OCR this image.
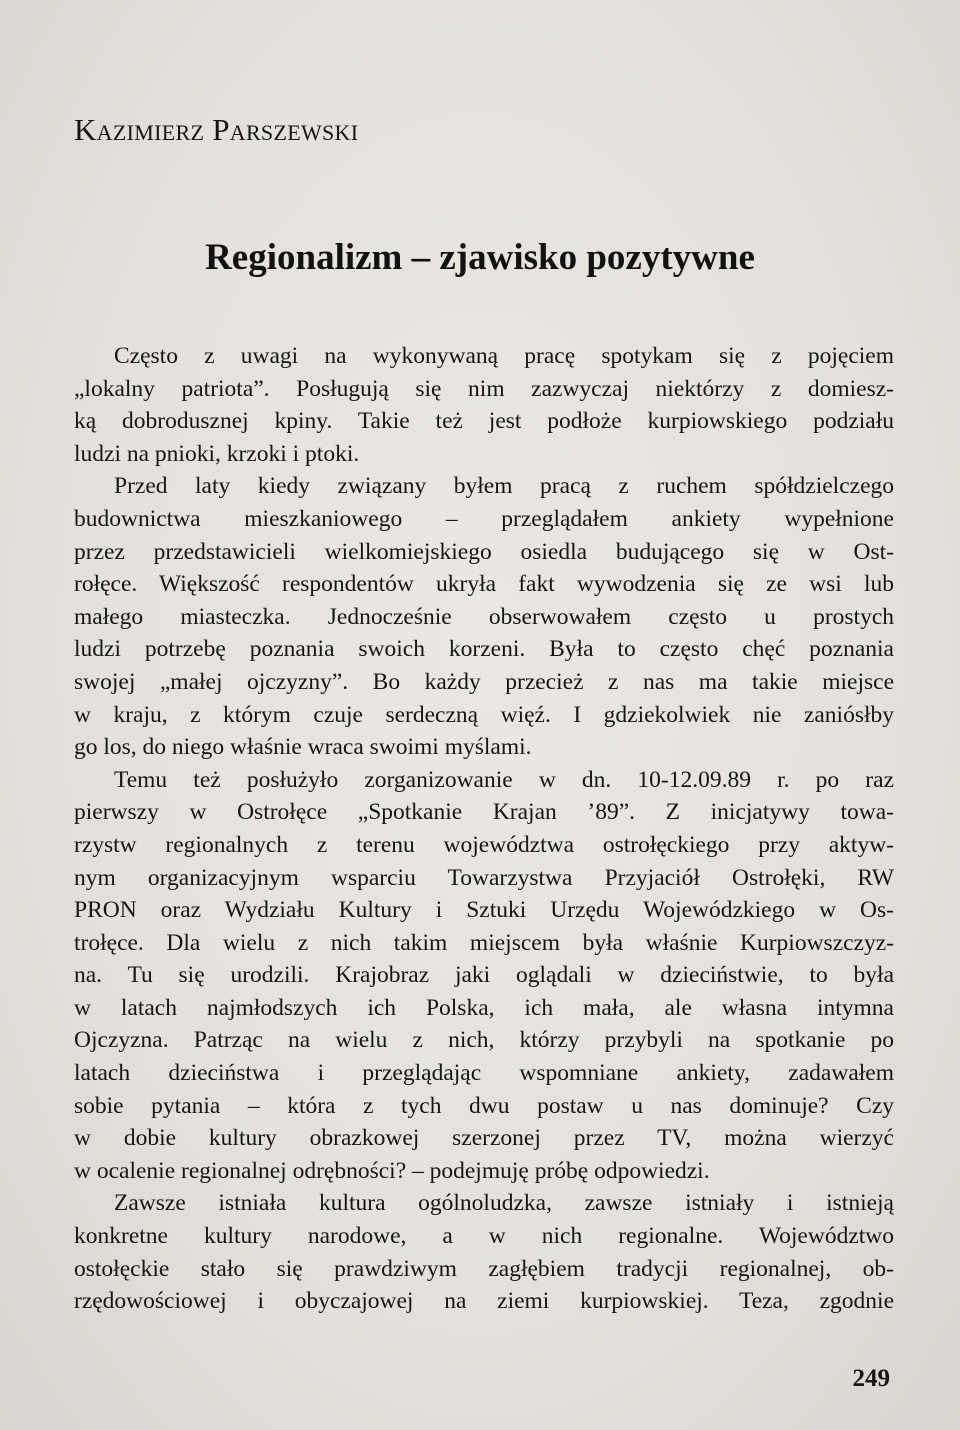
Kazimierz Parszewski
Regionalizm – zjawisko pozytywne
Często z uwagi na wykonywaną pracę spotykam się z pojęciem
„lokalny patriota”. Posługują się nim zazwyczaj niektórzy z domiesz-
ką dobrodusznej kpiny. Takie też jest podłoże kurpiowskiego podziału
ludzi na pnioki, krzoki i ptoki.
Przed laty kiedy związany byłem pracą z ruchem spółdzielczego
budownictwa mieszkaniowego – przeglądałem ankiety wypełnione
przez przedstawicieli wielkomiejskiego osiedla budującego się w Ost-
rołęce. Większość respondentów ukryła fakt wywodzenia się ze wsi lub
małego miasteczka. Jednocześnie obserwowałem często u prostych
ludzi potrzebę poznania swoich korzeni. Była to często chęć poznania
swojej „małej ojczyzny”. Bo każdy przecież z nas ma takie miejsce
w kraju, z którym czuje serdeczną więź. I gdziekolwiek nie zaniósłby
go los, do niego właśnie wraca swoimi myślami.
Temu też posłużyło zorganizowanie w dn. 10-12.09.89 r. po raz
pierwszy w Ostrołęce „Spotkanie Krajan ’89”. Z inicjatywy towa-
rzystw regionalnych z terenu województwa ostrołęckiego przy aktyw-
nym organizacyjnym wsparciu Towarzystwa Przyjaciół Ostrołęki, RW
PRON oraz Wydziału Kultury i Sztuki Urzędu Wojewódzkiego w Os-
trołęce. Dla wielu z nich takim miejscem była właśnie Kurpiowszczyz-
na. Tu się urodzili. Krajobraz jaki oglądali w dzieciństwie, to była
w latach najmłodszych ich Polska, ich mała, ale własna intymna
Ojczyzna. Patrząc na wielu z nich, którzy przybyli na spotkanie po
latach dzieciństwa i przeglądając wspomniane ankiety, zadawałem
sobie pytania – która z tych dwu postaw u nas dominuje? Czy
w dobie kultury obrazkowej szerzonej przez TV, można wierzyć
w ocalenie regionalnej odrębności? – podejmuję próbę odpowiedzi.
Zawsze istniała kultura ogólnoludzka, zawsze istniały i istnieją
konkretne kultury narodowe, a w nich regionalne. Województwo
ostołęckie stało się prawdziwym zagłębiem tradycji regionalnej, ob-
rzędowościowej i obyczajowej na ziemi kurpiowskiej. Teza, zgodnie
249
